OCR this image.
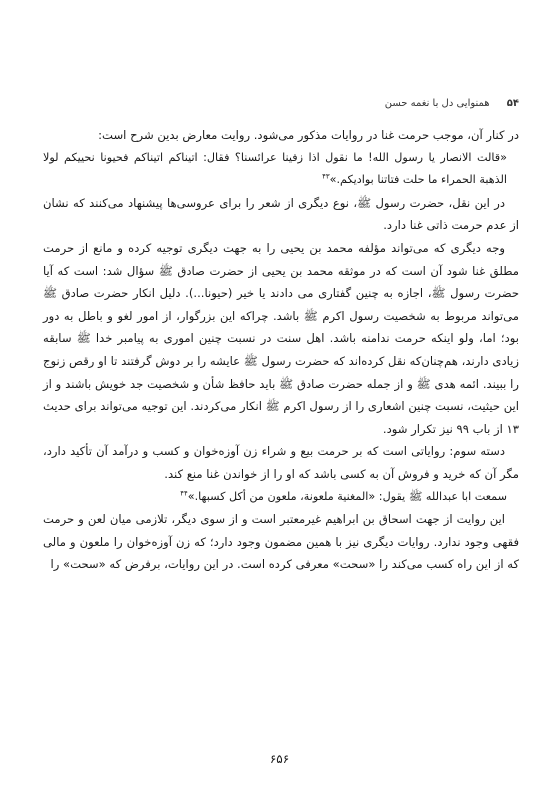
۵۴ همنوایی دل با نغمه حسن

در کنار آن، موجب حرمت غنا در روایات مذکور می‌شود. روایت معارض بدین شرح است:

«قالت الانصار یا رسول الله! ما نقول اذا زفینا عرائسنا؟ فقال: اتیناکم اتیناکم فحیونا نحییکم لولا الذهبة الحمراء ما حلت فتاتنا بوادیکم.»$^{۴۳}$

در این نقل، حضرت رسول ﷺ، نوع دیگری از شعر را برای عروسی‌ها پیشنهاد می‌کنند که نشان از عدم حرمت ذاتی غنا دارد.

وجه دیگری که می‌تواند مؤلفه محمد بن یحیی را به جهت دیگری توجیه کرده و مانع از حرمت مطلق غنا شود آن است که در موثقه محمد بن یحیی از حضرت صادق ﷺ سؤال شد: است که آیا حضرت رسول ﷺ، اجازه به چنین گفتاری می دادند یا خیر (حیونا...). دلیل انکار حضرت صادق ﷺ می‌تواند مربوط به شخصیت رسول اکرم ﷺ باشد. چراکه این بزرگوار، از امور لغو و باطل به دور بود؛ اما، ولو اینکه حرمت ندامنه باشد. اهل سنت در نسبت چنین اموری به پیامبر خدا ﷺ سابقه زیادی دارند، هم‌چنان‌که نقل کرده‌اند که حضرت رسول ﷺ عایشه را بر دوش گرفتند تا او رقص زنوج را ببیند. ائمه هدی ﷺ و از جمله حضرت صادق ﷺ باید حافظ شأن و شخصیت جد خویش باشند و از این حیثیت، نسبت چنین اشعاری را از رسول اکرم ﷺ انکار می‌کردند. این توجیه می‌تواند برای حدیث ۱۳ از باب ۹۹ نیز تکرار شود.

دسته سوم: روایاتی است که بر حرمت بیع و شراء زن آوزه‌خوان و کسب و درآمد آن تأکید دارد، مگر آن که خرید و فروش آن به کسی باشد که او را از خواندن غنا منع کند.

سمعت ابا عبدالله ﷺ یقول: «المغنیة ملعونة، ملعون من أکل کسبها.»$^{۴۴}$

این روایت از جهت اسحاق بن ابراهیم غیرمعتبر است و از سوی دیگر، تلازمی میان لعن و حرمت فقهی وجود ندارد. روایات دیگری نیز با همین مضمون وجود دارد؛ که زن آوزه‌خوان را ملعون و مالی که از این راه کسب می‌کند را «سحت» معرفی کرده است. در این روایات، برفرض که «سحت» را

۶۵۶
